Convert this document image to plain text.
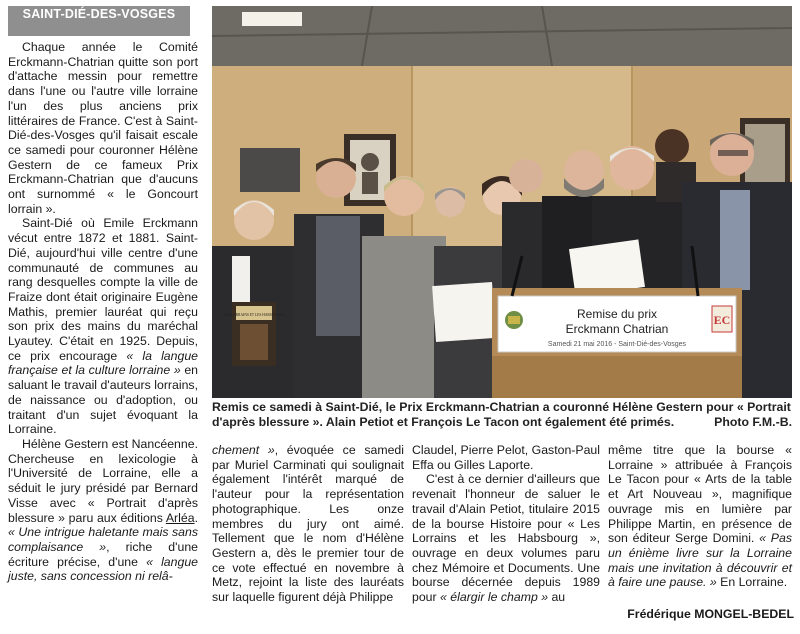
SAINT-DIÉ-DES-VOSGES

Chaque année le Comité Erckmann-Chatrian quitte son port d'attache messin pour remettre dans l'une ou l'autre ville lorraine l'un des plus anciens prix littéraires de France. C'est à Saint-Dié-des-Vosges qu'il faisait escale ce samedi pour couronner Hélène Gestern de ce fameux Prix Erckmann-Chatrian que d'aucuns ont surnommé « le Goncourt lorrain ».

Saint-Dié où Emile Erckmann vécut entre 1872 et 1881. Saint-Dié, aujourd'hui ville centre d'une communauté de communes au rang desquelles compte la ville de Fraize dont était originaire Eugène Mathis, premier lauréat qui reçu son prix des mains du maréchal Lyautey. C'était en 1925. Depuis, ce prix encourage « la langue française et la culture lorraine » en saluant le travail d'auteurs lorrains, de naissance ou d'adoption, ou traitant d'un sujet évoquant la Lorraine.

Hélène Gestern est Nancéenne. Chercheuse en lexicologie à l'Université de Lorraine, elle a séduit le jury présidé par Bernard Visse avec « Portrait d'après blessure » paru aux éditions Arléa. « Une intrigue haletante mais sans complaisance », riche d'une écriture précise, d'une « langue juste, sans concession ni relâ-

Remise du prix
Erckmann Chatrian
Samedi 21 mai 2016 - Saint-Dié-des-Vosges
EC
LES LORRAINS ET LES HABSBOURG
Remis ce samedi à Saint-Dié, le Prix Erckmann-Chatrian a couronné Hélène Gestern pour « Portrait d'après blessure ». Alain Petiot et François Le Tacon ont également été primés.	Photo F.M.-B.

chement », évoquée ce samedi par Muriel Carminati qui soulignait également l'intérêt marqué de l'auteur pour la représentation photographique. Les onze membres du jury ont aimé. Tellement que le nom d'Hélène Gestern a, dès le premier tour de ce vote effectué en novembre à Metz, rejoint la liste des lauréats sur laquelle figurent déjà Philippe

Claudel, Pierre Pelot, Gaston-Paul Effa ou Gilles Laporte.

C'est à ce dernier d'ailleurs que revenait l'honneur de saluer le travail d'Alain Petiot, titulaire 2015 de la bourse Histoire pour « Les Lorrains et les Habsbourg », ouvrage en deux volumes paru chez Mémoire et Documents. Une bourse décernée depuis 1989 pour « élargir le champ » au

même titre que la bourse « Lorraine » attribuée à François Le Tacon pour « Arts de la table et Art Nouveau », magnifique ouvrage mis en lumière par Philippe Martin, en présence de son éditeur Serge Domini. « Pas un énième livre sur la Lorraine mais une invitation à découvrir et à faire une pause. » En Lorraine.

Frédérique MONGEL-BEDEL
